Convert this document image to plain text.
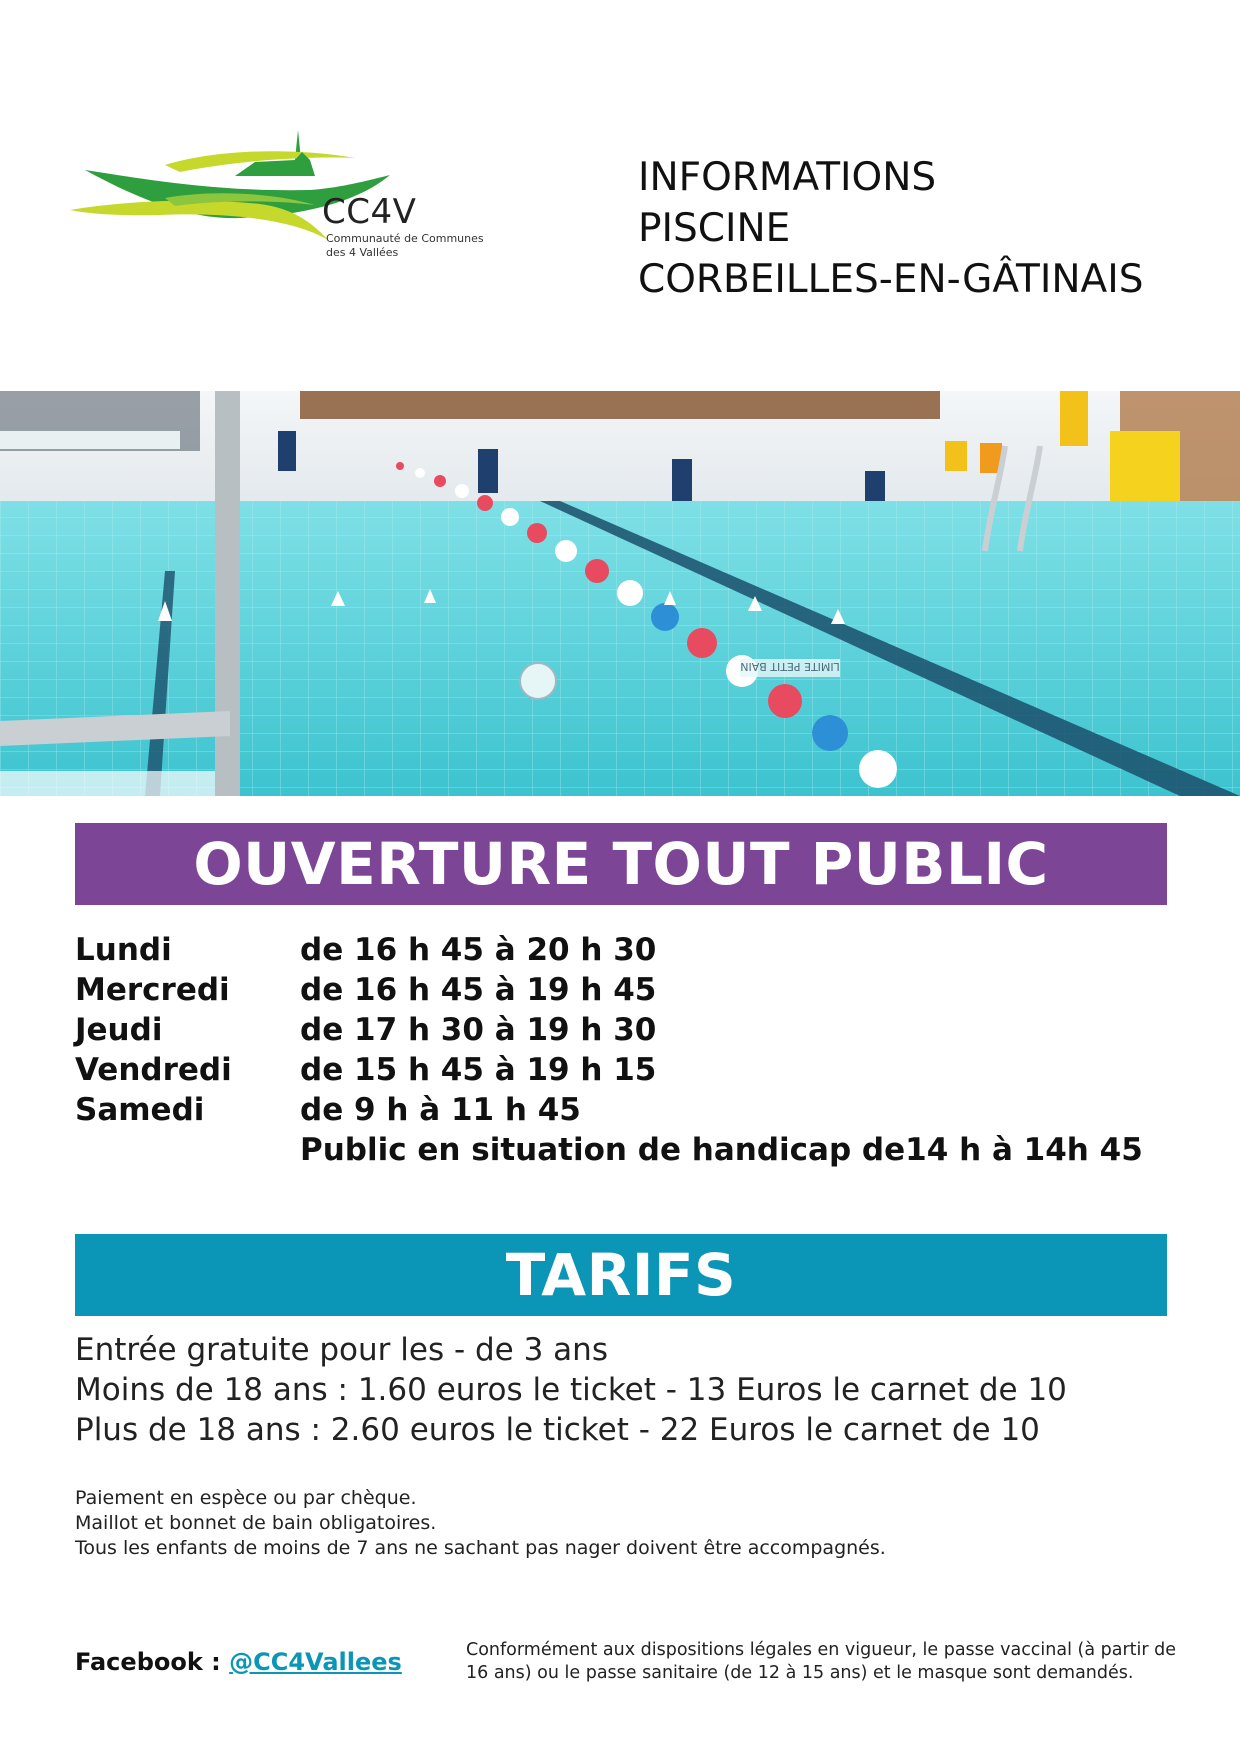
CC4V
Communauté de Communes
des 4 Vallées
INFORMATIONS
PISCINE
CORBEILLES-EN-GÂTINAIS
LIMITE PETIT BAIN
OUVERTURE TOUT PUBLIC
Lundi	de 16 h 45 à 20 h 30
Mercredi de 16 h 45 à 19 h 45
Jeudi	de 17 h 30 à 19 h 30
Vendredi de 15 h 45 à 19 h 15
Samedi	de 9 h à 11 h 45
Public en situation de handicap de14 h à 14h 45
TARIFS
Entrée gratuite pour les - de 3 ans
Moins de 18 ans : 1.60 euros le ticket - 13 Euros le carnet de 10
Plus de 18 ans : 2.60 euros le ticket - 22 Euros le carnet de 10
Paiement en espèce ou par chèque.
Maillot et bonnet de bain obligatoires.
Tous les enfants de moins de 7 ans ne sachant pas nager doivent être accompagnés.
Facebook : @CC4Vallees	Conformément aux dispositions légales en vigueur, le passe vaccinal (à partir de
16 ans) ou le passe sanitaire (de 12 à 15 ans) et le masque sont demandés.
